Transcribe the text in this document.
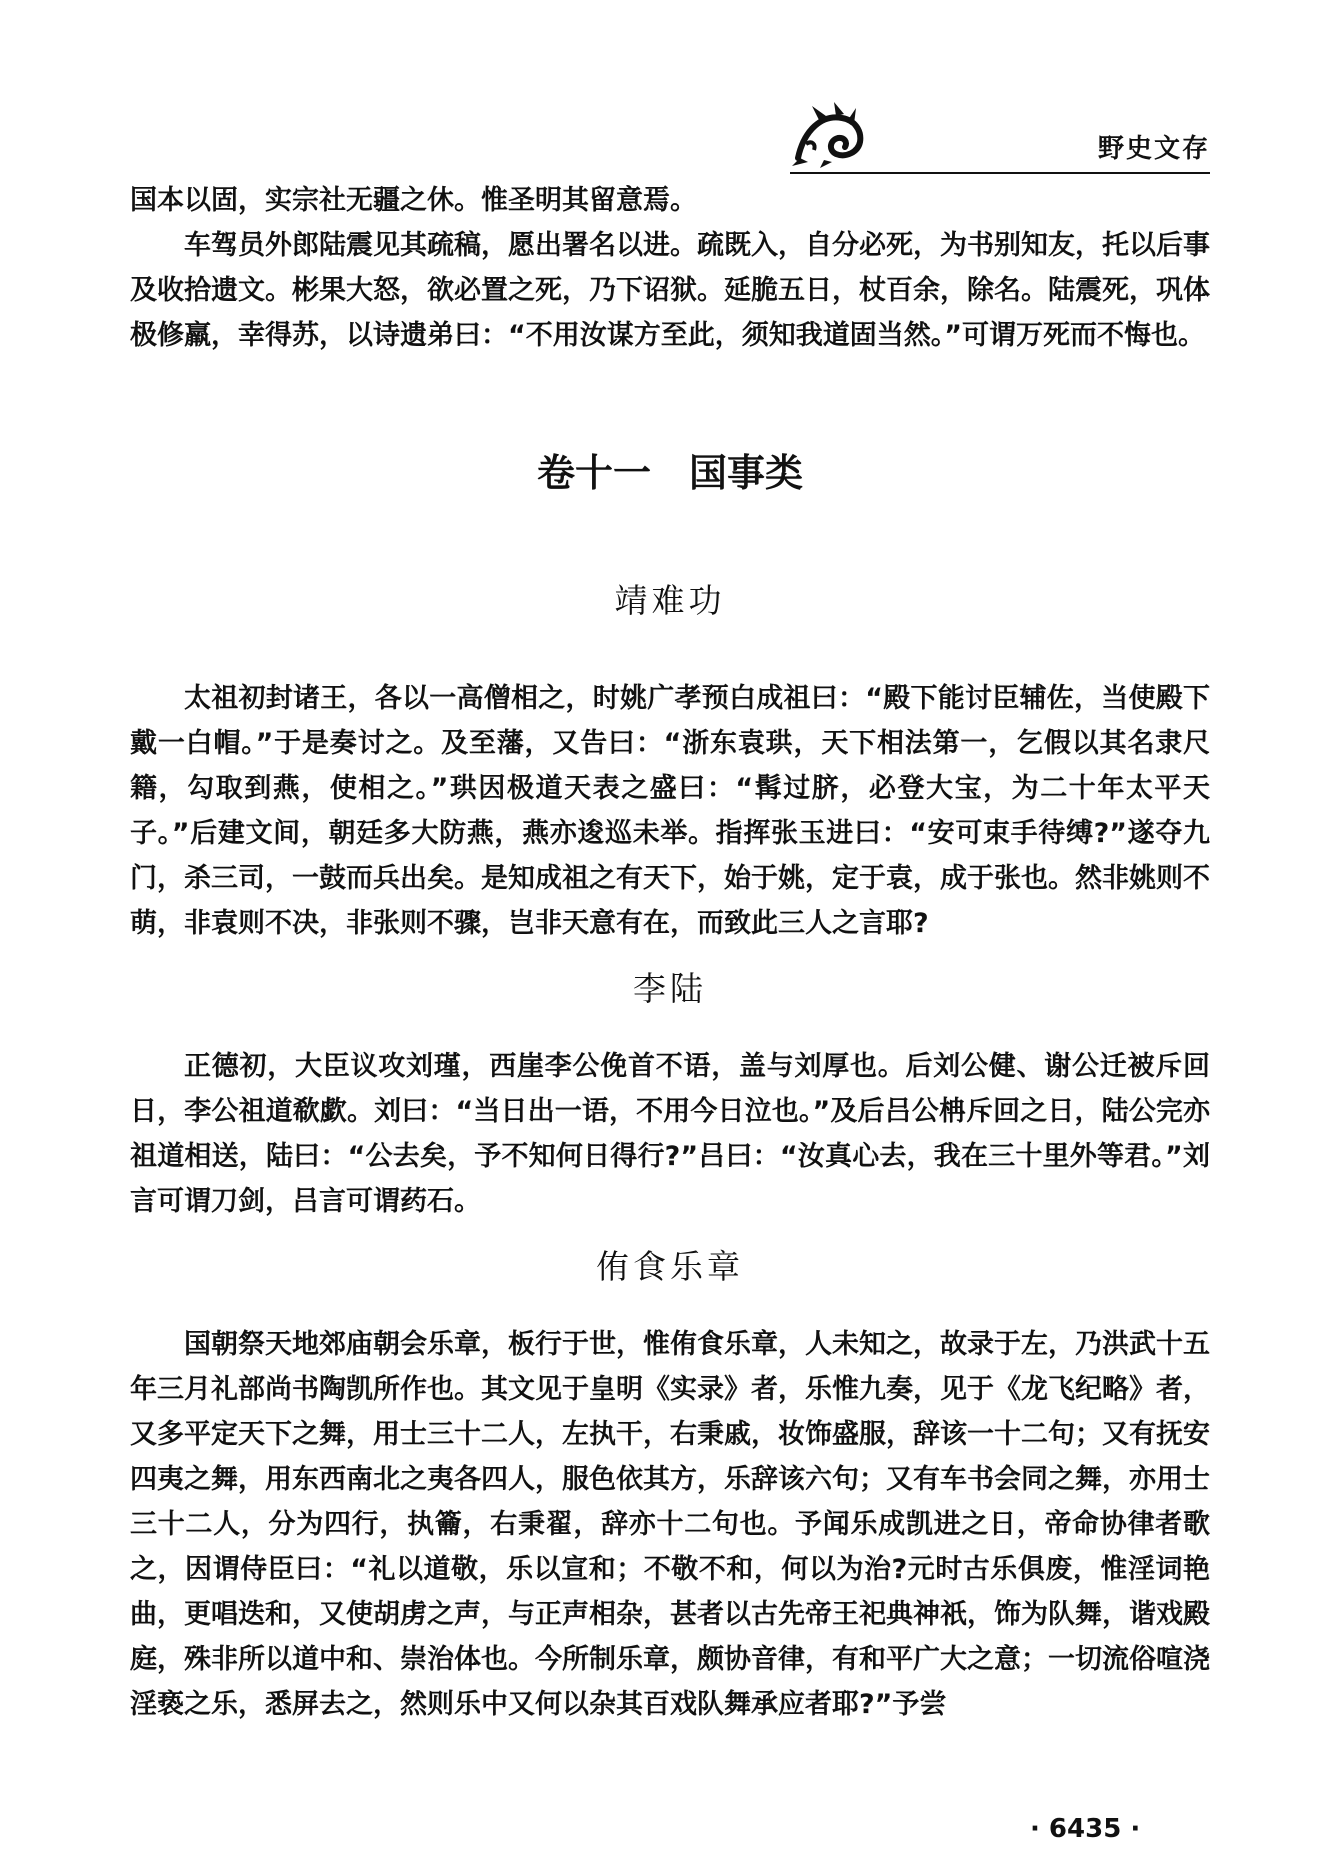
野史文存

国本以固，实宗社无疆之休。惟圣明其留意焉。

车驾员外郎陆震见其疏稿，愿出署名以进。疏既入，自分必死，为书别知友，托以后事及收拾遗文。彬果大怒，欲必置之死，乃下诏狱。延脆五日，杖百余，除名。陆震死，巩体极修羸，幸得苏，以诗遗弟曰：“不用汝谋方至此，须知我道固当然。”可谓万死而不悔也。

卷十一　国事类
靖难功

太祖初封诸王，各以一高僧相之，时姚广孝预白成祖曰：“殿下能讨臣辅佐，当使殿下戴一白帽。”于是奏讨之。及至藩，又告曰：“浙东袁珙，天下相法第一，乞假以其名隶尺籍，勾取到燕，使相之。”珙因极道天表之盛曰：“髯过脐，必登大宝，为二十年太平天子。”后建文间，朝廷多大防燕，燕亦逡巡未举。指挥张玉进曰：“安可束手待缚?”遂夺九门，杀三司，一鼓而兵出矣。是知成祖之有天下，始于姚，定于袁，成于张也。然非姚则不萌，非袁则不决，非张则不骤，岂非天意有在，而致此三人之言耶?

李陆

正德初，大臣议攻刘瑾，西崖李公俛首不语，盖与刘厚也。后刘公健、谢公迁被斥回日，李公祖道欷歔。刘曰：“当日出一语，不用今日泣也。”及后吕公柟斥回之日，陆公完亦祖道相送，陆曰：“公去矣，予不知何日得行?”吕曰：“汝真心去，我在三十里外等君。”刘言可谓刀剑，吕言可谓药石。

侑食乐章

国朝祭天地郊庙朝会乐章，板行于世，惟侑食乐章，人未知之，故录于左，乃洪武十五年三月礼部尚书陶凯所作也。其文见于皇明《实录》者，乐惟九奏，见于《龙飞纪略》者，又多平定天下之舞，用士三十二人，左执干，右秉戚，妆饰盛服，辞该一十二句；又有抚安四夷之舞，用东西南北之夷各四人，服色依其方，乐辞该六句；又有车书会同之舞，亦用士三十二人，分为四行，执籥，右秉翟，辞亦十二句也。予闻乐成凯进之日，帝命协律者歌之，因谓侍臣曰：“礼以道敬，乐以宣和；不敬不和，何以为治?元时古乐俱废，惟淫词艳曲，更唱迭和，又使胡虏之声，与正声相杂，甚者以古先帝王祀典神祇，饰为队舞，谐戏殿庭，殊非所以道中和、崇治体也。今所制乐章，颇协音律，有和平广大之意；一切流俗喧浇淫亵之乐，悉屏去之，然则乐中又何以杂其百戏队舞承应者耶?”予尝

· 6435 ·
